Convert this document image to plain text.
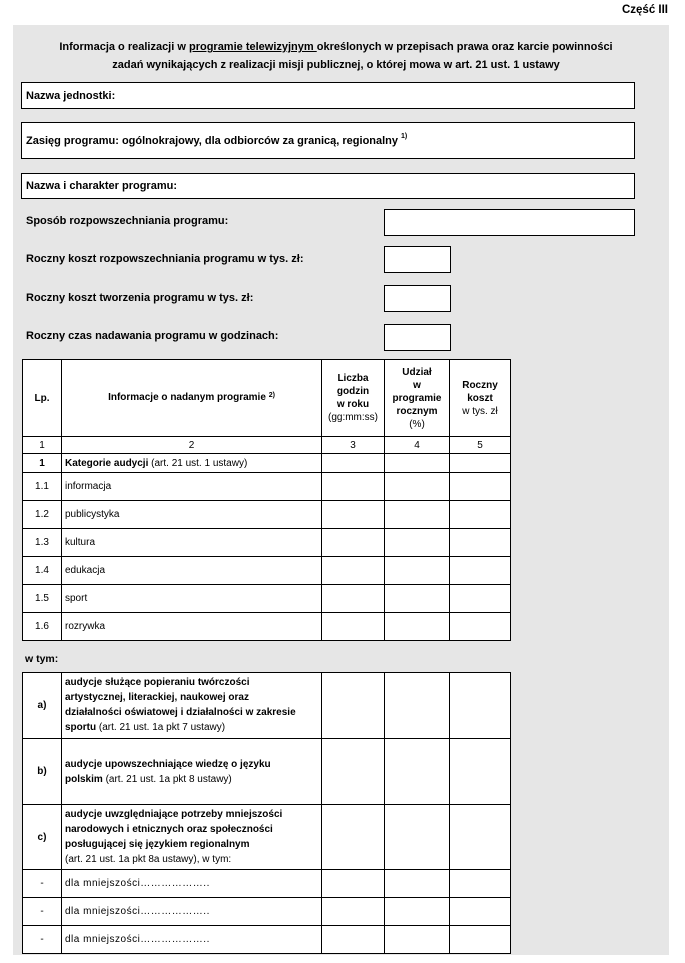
Część III
Informacja o realizacji w programie telewizyjnym określonych w przepisach prawa oraz karcie powinności
zadań wynikających z realizacji misji publicznej, o której mowa w art. 21 ust. 1 ustawy
Nazwa jednostki:
Zasięg programu: ogólnokrajowy, dla odbiorców za granicą, regionalny $^{1)}$
Nazwa i charakter programu:
Sposób rozpowszechniania programu:
Roczny koszt rozpowszechniania programu w tys. zł:
Roczny koszt tworzenia programu w tys. zł:
Roczny czas nadawania programu w godzinach:
Lp.	Informacje o nadanym programie $^{2)}$	Liczba
godzin
w roku
(gg:mm:ss)	Udział
w
programie
rocznym
(%)	Roczny
koszt
w tys. zł
1	2	3	4	5
1	Kategorie audycji (art. 21 ust. 1 ustawy)			
1.1	informacja			
1.2	publicystyka			
1.3	kultura			
1.4	edukacja			
1.5	sport			
1.6	rozrywka			
w tym:
a)	audycje służące popieraniu twórczości
artystycznej, literackiej, naukowej oraz
działalności oświatowej i działalności w zakresie
sportu (art. 21 ust. 1a pkt 7 ustawy)			
b)	audycje upowszechniające wiedzę o języku
polskim (art. 21 ust. 1a pkt 8 ustawy)			
c)	audycje uwzględniające potrzeby mniejszości
narodowych i etnicznych oraz społeczności
posługującej się językiem regionalnym
(art. 21 ust. 1a pkt 8a ustawy), w tym:			
-	dla mniejszości………………..			
-	dla mniejszości………………..			
-	dla mniejszości………………..			
